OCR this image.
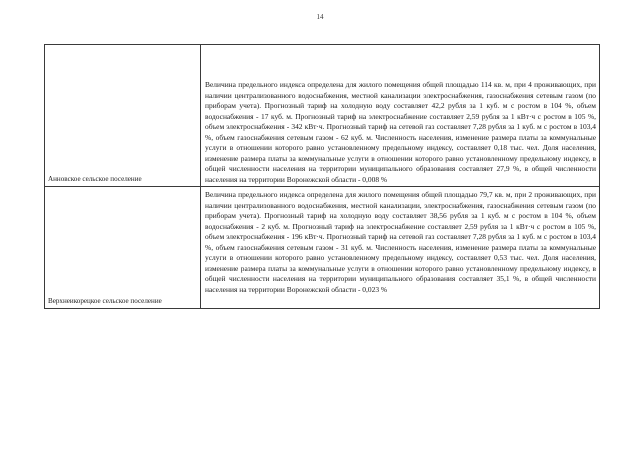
14
Анновское сельское поселение	Величина предельного индекса определена для жилого помещения общей площадью 114 кв. м, при 4 проживающих, при наличии централизованного водоснабжения, местной канализации электроснабжения, газоснабжения сетевым газом (по приборам учета). Прогнозный тариф на холодную воду составляет 42,2 рубля за 1 куб. м с ростом в 104 %, объем водоснабжения - 17 куб. м. Прогнозный тариф на электроснабжение составляет 2,59 рубля за 1 кВт·ч с ростом в 105 %, объем электроснабжения - 342 кВт·ч. Прогнозный тариф на сетевой газ составляет 7,28 рубля за 1 куб. м с ростом в 103,4 %, объем газоснабжения сетевым газом - 62 куб. м. Численность населения, изменение размера платы за коммунальные услуги в отношении которого равно установленному предельному индексу, составляет 0,18 тыс. чел. Доля населения, изменение размера платы за коммунальные услуги в отношении которого равно установленному предельному индексу, в общей численности населения на территории муниципального образования составляет 27,9 %, в общей численности населения на территории Воронежской области - 0,008 %
Верхнеикорецкое сельское поселение	Величина предельного индекса определена для жилого помещения общей площадью 79,7 кв. м, при 2 проживающих, при наличии централизованного водоснабжения, местной канализации, электроснабжения, газоснабжения сетевым газом (по приборам учета). Прогнозный тариф на холодную воду составляет 38,56 рубля за 1 куб. м с ростом в 104 %, объем водоснабжения - 2 куб. м. Прогнозный тариф на электроснабжение составляет 2,59 рубля за 1 кВт·ч с ростом в 105 %, объем электроснабжения - 196 кВт·ч. Прогнозный тариф на сетевой газ составляет 7,28 рубля за 1 куб. м с ростом в 103,4 %, объем газоснабжения сетевым газом - 31 куб. м. Численность населения, изменение размера платы за коммунальные услуги в отношении которого равно установленному предельному индексу, составляет 0,53 тыс. чел. Доля населения, изменение размера платы за коммунальные услуги в отношении которого равно установленному предельному индексу, в общей численности населения на территории муниципального образования составляет 35,1 %, в общей численности населения на территории Воронежской области - 0,023 %
